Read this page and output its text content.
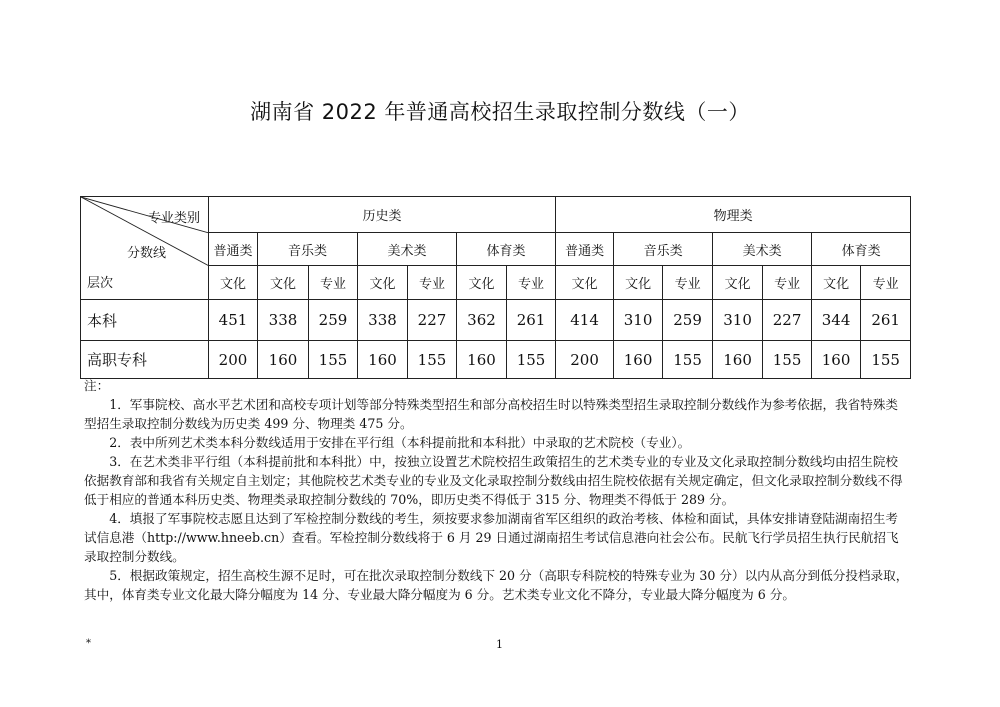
湖南省 2022 年普通高校招生录取控制分数线（一）
专业类别
分数线
层次	历史类							物理类						
	普通类	音乐类		美术类		体育类		普通类	音乐类		美术类		体育类	
	文化	文化	专业	文化	专业	文化	专业	文化	文化	专业	文化	专业	文化	专业
本科	451	338	259	338	227	362	261	414	310	259	310	227	344	261
高职专科	200	160	155	160	155	160	155	200	160	155	160	155	160	155

注：

1．军事院校、高水平艺术团和高校专项计划等部分特殊类型招生和部分高校招生时以特殊类型招生录取控制分数线作为参考依据，我省特殊类型招生录取控制分数线为历史类 499 分、物理类 475 分。

2．表中所列艺术类本科分数线适用于安排在平行组（本科提前批和本科批）中录取的艺术院校（专业）。

3．在艺术类非平行组（本科提前批和本科批）中，按独立设置艺术院校招生政策招生的艺术类专业的专业及文化录取控制分数线均由招生院校依据教育部和我省有关规定自主划定；其他院校艺术类专业的专业及文化录取控制分数线由招生院校依据有关规定确定，但文化录取控制分数线不得低于相应的普通本科历史类、物理类录取控制分数线的 70%，即历史类不得低于 315 分、物理类不得低于 289 分。

4．填报了军事院校志愿且达到了军检控制分数线的考生，须按要求参加湖南省军区组织的政治考核、体检和面试，具体安排请登陆湖南招生考试信息港（http://www.hneeb.cn）查看。军检控制分数线将于 6 月 29 日通过湖南招生考试信息港向社会公布。民航飞行学员招生执行民航招飞录取控制分数线。

5．根据政策规定，招生高校生源不足时，可在批次录取控制分数线下 20 分（高职专科院校的特殊专业为 30 分）以内从高分到低分投档录取，其中，体育类专业文化最大降分幅度为 14 分、专业最大降分幅度为 6 分。艺术类专业文化不降分，专业最大降分幅度为 6 分。

*	1
